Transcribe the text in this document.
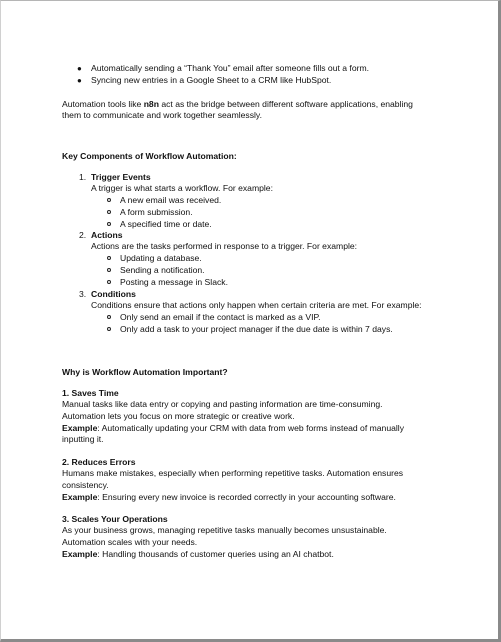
● Automatically sending a “Thank You” email after someone fills out a form.
● Syncing new entries in a Google Sheet to a CRM like HubSpot.
Automation tools like n8n act as the bridge between different software applications, enabling
them to communicate and work together seamlessly.
Key Components of Workflow Automation:
1. Trigger Events
A trigger is what starts a workflow. For example:
A new email was received.
A form submission.
A specified time or date.
2. Actions
Actions are the tasks performed in response to a trigger. For example:
Updating a database.
Sending a notification.
Posting a message in Slack.
3. Conditions
Conditions ensure that actions only happen when certain criteria are met. For example:
Only send an email if the contact is marked as a VIP.
Only add a task to your project manager if the due date is within 7 days.
Why is Workflow Automation Important?
1. Saves Time
Manual tasks like data entry or copying and pasting information are time-consuming.
Automation lets you focus on more strategic or creative work.
Example: Automatically updating your CRM with data from web forms instead of manually
inputting it.
2. Reduces Errors
Humans make mistakes, especially when performing repetitive tasks. Automation ensures
consistency.
Example: Ensuring every new invoice is recorded correctly in your accounting software.
3. Scales Your Operations
As your business grows, managing repetitive tasks manually becomes unsustainable.
Automation scales with your needs.
Example: Handling thousands of customer queries using an AI chatbot.
